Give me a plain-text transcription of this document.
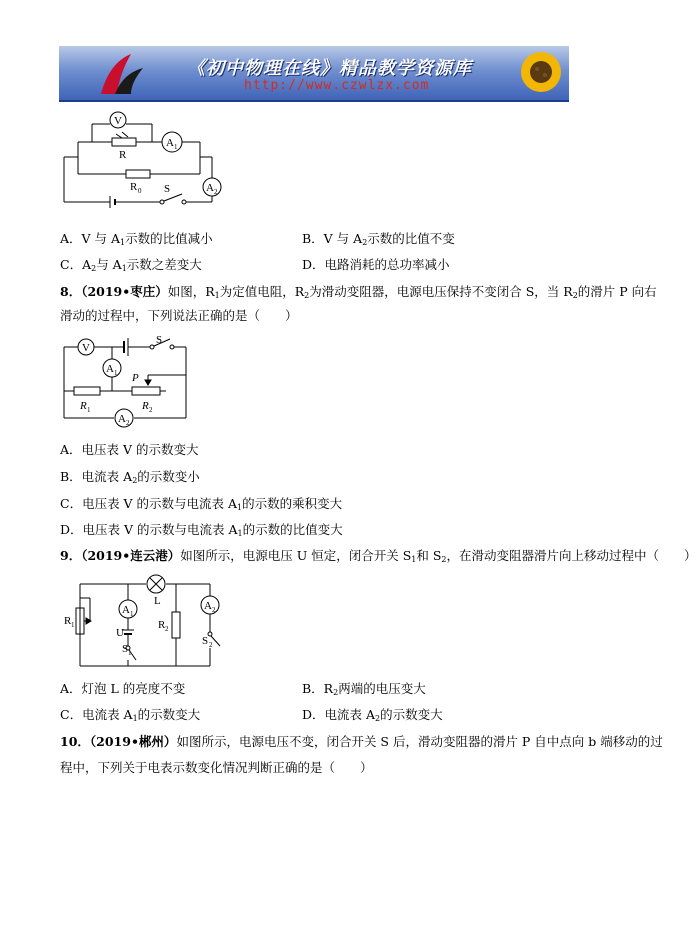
《初中物理在线》精品教学资源库
http://www.czwlzx.com
V
R
A 1
R 0 S	A 2
A．V 与 $A_1$示数的比值减小	B．V 与 $A_2$示数的比值不变
C．$A_2$与 $A_1$示数之差变大	D．电路消耗的总功率减小
8．（2019•枣庄）如图，$R_1$为定值电阻，$R_2$为滑动变阻器，电源电压保持不变闭合 S，当 $R_2$的滑片 P 向右
滑动的过程中，下列说法正确的是（　　）
V
S
A 1 P
R 1	R 2
A 2
A．电压表 V 的示数变大
B．电流表 $A_2$的示数变小
C．电压表 V 的示数与电流表 $A_1$的示数的乘积变大
D．电压表 V 的示数与电流表 $A_1$的示数的比值变大
9．（2019•连云港）如图所示，电源电压 U 恒定，闭合开关 $S_1$和 $S_2$，在滑动变阻器滑片向上移动过程中（　　）
L
R 1
A 1
U
S 1
R 2
A 2
S 2
A．灯泡 L 的亮度不变	B．$R_2$两端的电压变大
C．电流表 $A_1$的示数变大	D．电流表 $A_2$的示数变大
10．（2019•郴州）如图所示，电源电压不变，闭合开关 S 后，滑动变阻器的滑片 P 自中点向 b 端移动的过
程中，下列关于电表示数变化情况判断正确的是（　　）
